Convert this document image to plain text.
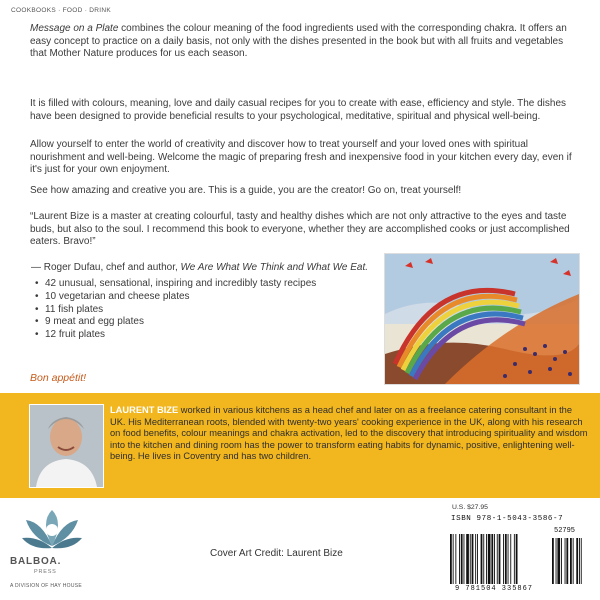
COOKBOOKS · FOOD · DRINK

Message on a Plate combines the colour meaning of the food ingredients used with the corresponding chakra. It offers an easy concept to practice on a daily basis, not only with the dishes presented in the book but with all fruits and vegetables that Mother Nature produces for us each season.

It is filled with colours, meaning, love and daily casual recipes for you to create with ease, efficiency and style. The dishes have been designed to provide beneficial results to your psychological, meditative, spiritual and physical well-being.

Allow yourself to enter the world of creativity and discover how to treat yourself and your loved ones with spiritual nourishment and well-being. Welcome the magic of preparing fresh and inexpensive food in your kitchen every day, even if it's just for your own enjoyment.

See how amazing and creative you are. This is a guide, you are the creator! Go on, treat yourself!

“Laurent Bize is a master at creating colourful, tasty and healthy dishes which are not only attractive to the eyes and taste buds, but also to the soul. I recommend this book to everyone, whether they are accomplished cooks or just accomplished eaters. Bravo!”

— Roger Dufau, chef and author, We Are What We Think and What We Eat.
• 42 unusual, sensational, inspiring and incredibly tasty recipes
• 10 vegetarian and cheese plates
• 11 fish plates
• 9 meat and egg plates
• 12 fruit plates
Bon appétit!

LAURENT BIZE worked in various kitchens as a head chef and later on as a freelance catering consultant in the UK. His Mediterranean roots, blended with twenty-two years' cooking experience in the UK, along with his research on food benefits, colour meanings and chakra activation, led to the discovery that introducing spirituality and wisdom into the kitchen and dining room has the power to transform eating habits for dynamic, positive, enlightening well-being. He lives in Coventry and has two children.

BALBOA.
PRESS
A DIVISION OF HAY HOUSE
Cover Art Credit: Laurent Bize
U.S. $27.95
ISBN 978-1-5043-3586-7
9 781504 335867
52795
